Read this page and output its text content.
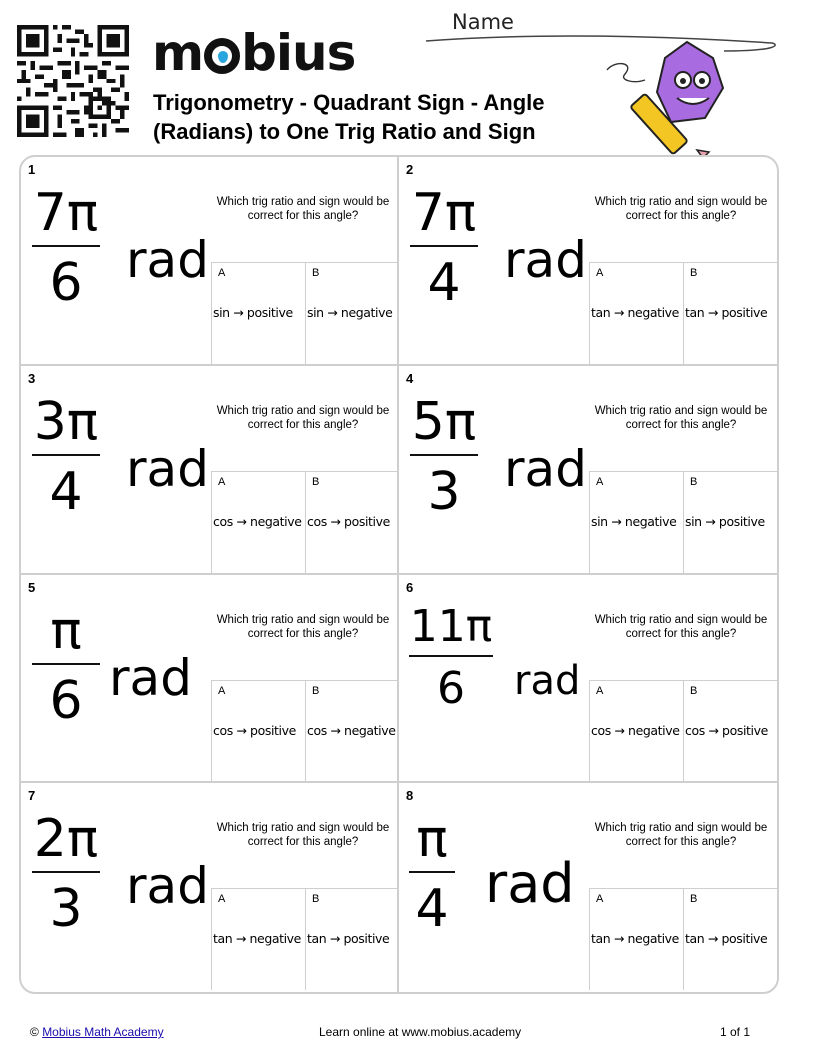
m bius
Trigonometry - Quadrant Sign - Angle
(Radians) to One Trig Ratio and Sign
Name
1
7π
6 rad
Which trig ratio and sign would be correct for this angle?
A
sin → positive
B
sin → negative
2
7π
4 rad
Which trig ratio and sign would be correct for this angle?
A
tan → negative
B
tan → positive
3
3π
4 rad
Which trig ratio and sign would be correct for this angle?
A
cos → negative
B
cos → positive
4
5π
3 rad
Which trig ratio and sign would be correct for this angle?
A
sin → negative
B
sin → positive
5
π
6 rad
Which trig ratio and sign would be correct for this angle?
A
cos → positive
B
cos → negative
6
11π
6 rad
Which trig ratio and sign would be correct for this angle?
A
cos → negative
B
cos → positive
7
2π
3 rad
Which trig ratio and sign would be correct for this angle?
A
tan → negative
B
tan → positive
8
π
4 rad
Which trig ratio and sign would be correct for this angle?
A
tan → negative
B
tan → positive
© Mobius Math Academy	Learn online at www.mobius.academy	1 of 1
